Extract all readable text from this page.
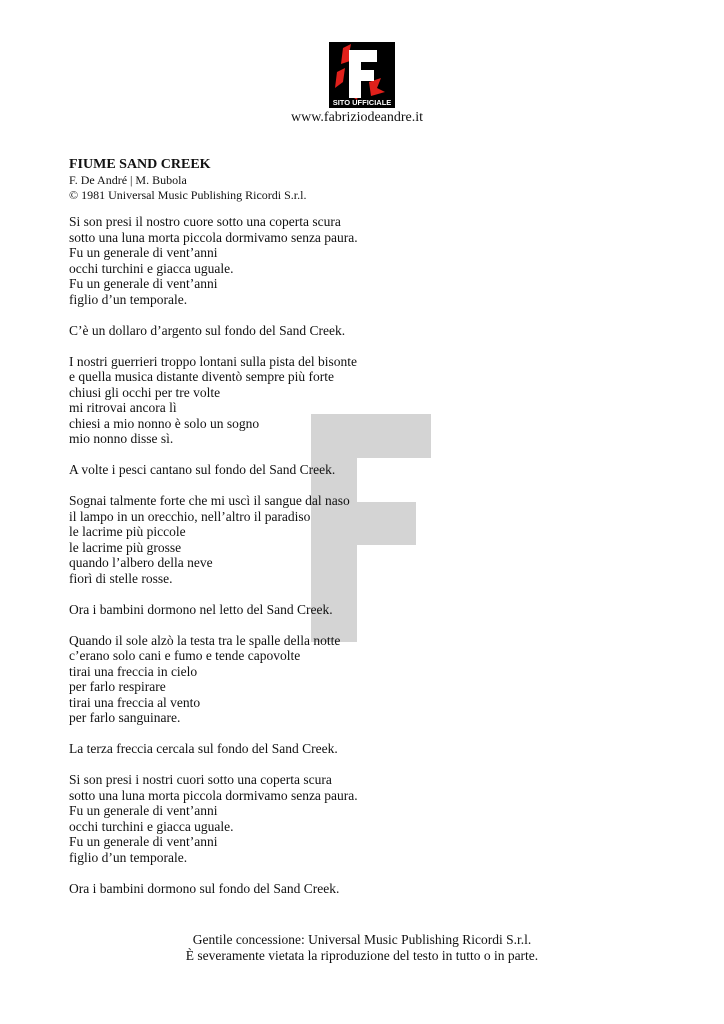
SITO UFFICIALE
www.fabriziodeandre.it
FIUME SAND CREEK
F. De André | M. Bubola
© 1981 Universal Music Publishing Ricordi S.r.l.
Si son presi il nostro cuore sotto una coperta scura
sotto una luna morta piccola dormivamo senza paura.
Fu un generale di vent’anni
occhi turchini e giacca uguale.
Fu un generale di vent’anni
figlio d’un temporale.
C’è un dollaro d’argento sul fondo del Sand Creek.
I nostri guerrieri troppo lontani sulla pista del bisonte
e quella musica distante diventò sempre più forte
chiusi gli occhi per tre volte
mi ritrovai ancora lì
chiesi a mio nonno è solo un sogno
mio nonno disse sì.
A volte i pesci cantano sul fondo del Sand Creek.
Sognai talmente forte che mi uscì il sangue dal naso
il lampo in un orecchio, nell’altro il paradiso
le lacrime più piccole
le lacrime più grosse
quando l’albero della neve
fiorì di stelle rosse.
Ora i bambini dormono nel letto del Sand Creek.
Quando il sole alzò la testa tra le spalle della notte
c’erano solo cani e fumo e tende capovolte
tirai una freccia in cielo
per farlo respirare
tirai una freccia al vento
per farlo sanguinare.
La terza freccia cercala sul fondo del Sand Creek.
Si son presi i nostri cuori sotto una coperta scura
sotto una luna morta piccola dormivamo senza paura.
Fu un generale di vent’anni
occhi turchini e giacca uguale.
Fu un generale di vent’anni
figlio d’un temporale.
Ora i bambini dormono sul fondo del Sand Creek.
Gentile concessione: Universal Music Publishing Ricordi S.r.l.
È severamente vietata la riproduzione del testo in tutto o in parte.
